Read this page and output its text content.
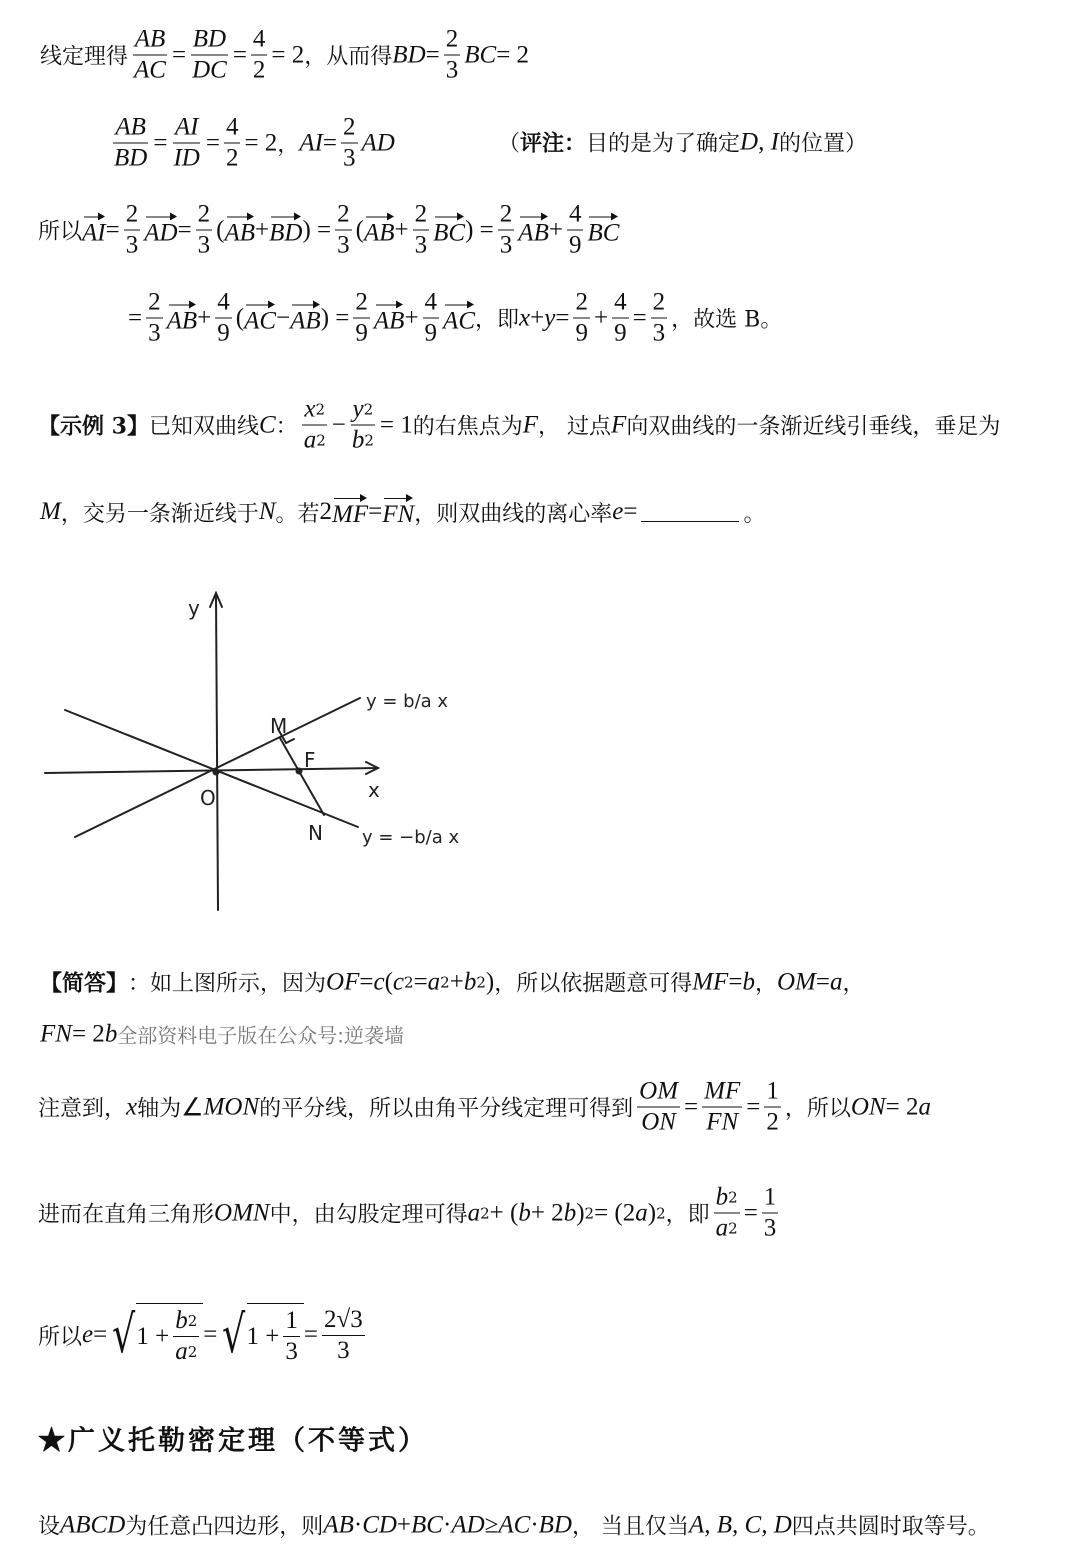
线定理得 $\frac{AB}{AC} = \frac{BD}{DC} = \frac{4}{2} = 2$ ，从而得 BD = $\frac{2}{3}$ BC = 2
$\frac{AB}{BD} = \frac{AI}{ID} = \frac{4}{2} = 2$ ， AI = $\frac{2}{3}$ AD	（ 评注： 目的是为了确定 D, I 的位置）
所以 AI = $\frac{2}{3}$ AD = $\frac{2}{3}$ ( AB + BD ) = $\frac{2}{3}$ ( AB + $\frac{2}{3}$ BC ) = $\frac{2}{3}$ AB + $\frac{4}{9}$ BC
= $\frac{2}{3}$ AB + $\frac{4}{9}$ ( AC − AB ) = $\frac{2}{9}$ AB + $\frac{4}{9}$ AC ，即 $x + y = \frac{2}{9} + \frac{4}{9} = \frac{2}{3}$ ，故选 B。
【示例 3】 已知双曲线 C ： $\frac{x 2}{a 2} - \frac{y 2}{b 2} = 1$ 的右焦点为 F ， 过点 F 向双曲线的一条渐近线引垂线，垂足为
M ，交另一条渐近线于 N 。若 2 MF = FN ，则双曲线的离心率 e =	。
y
x
O
M
F
N
y = b/a x
y = −b/a x
【简答】 ：如上图所示，因为 OF = c ( c 2 = a 2 + b 2 ) ，所以依据题意可得 MF = b ， OM = a ，
FN = 2 b 全部资料电子版在公众号:逆袭墙
注意到， x 轴为 ∠ MON 的平分线，所以由角平分线定理可得到 $\frac{OM}{ON} = \frac{MF}{FN} = \frac{1}{2}$ ，所以 ON = 2 a
进而在直角三角形 OMN 中，由勾股定理可得 a 2 + ( b + 2 b ) 2 = (2 a ) 2 ，即 $\frac{b 2}{a 2} = \frac{1}{3}$
所以 e = √ $1 + \frac{b 2}{a 2}$ = √ $1 + \frac{1}{3} = \frac{2√3}{3}$
★广义托勒密定理（不等式）
设 ABCD 为任意凸四边形，则 AB · CD + BC · AD ≥ AC · BD ， 当且仅当 A, B, C, D 四点共圆时取等号。
